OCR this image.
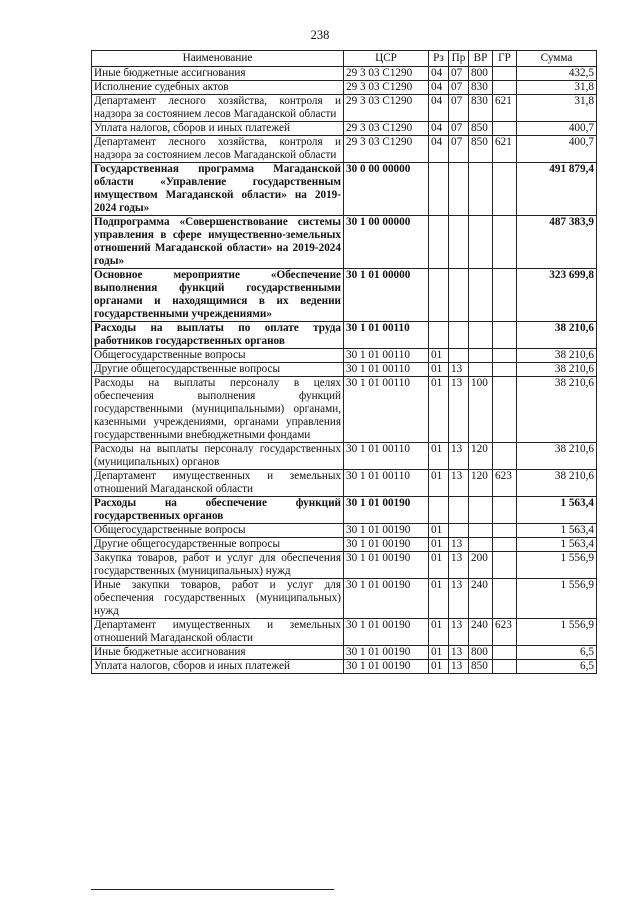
238
Наименование	ЦСР	Рз	Пр	ВР	ГР	Сумма
Иные бюджетные ассигнования	29 3 03 С1290	04	07	800		432,5
Исполнение судебных актов	29 3 03 С1290	04	07	830		31,8
Департамент лесного хозяйства, контроля и надзора за состоянием лесов Магаданской области	29 3 03 С1290	04	07	830	621	31,8
Уплата налогов, сборов и иных платежей	29 3 03 С1290	04	07	850		400,7
Департамент лесного хозяйства, контроля и надзора за состоянием лесов Магаданской области	29 3 03 С1290	04	07	850	621	400,7
Государственная программа Магаданской области «Управление государственным имуществом Магаданской области» на 2019-2024 годы»	30 0 00 00000					491 879,4
Подпрограмма «Совершенствование системы управления в сфере имущественно-земельных отношений Магаданской области» на 2019-2024 годы»	30 1 00 00000					487 383,9
Основное мероприятие «Обеспечение выполнения функций государственными органами и находящимися в их ведении государственными учреждениями»	30 1 01 00000					323 699,8
Расходы на выплаты по оплате труда работников государственных органов	30 1 01 00110					38 210,6
Общегосударственные вопросы	30 1 01 00110	01				38 210,6
Другие общегосударственные вопросы	30 1 01 00110	01	13			38 210,6
Расходы на выплаты персоналу в целях обеспечения выполнения функций государственными (муниципальными) органами, казенными учреждениями, органами управления государственными внебюджетными фондами	30 1 01 00110	01	13	100		38 210,6
Расходы на выплаты персоналу государственных (муниципальных) органов	30 1 01 00110	01	13	120		38 210,6
Департамент имущественных и земельных отношений Магаданской области	30 1 01 00110	01	13	120	623	38 210,6
Расходы на обеспечение функций государственных органов	30 1 01 00190					1 563,4
Общегосударственные вопросы	30 1 01 00190	01				1 563,4
Другие общегосударственные вопросы	30 1 01 00190	01	13			1 563,4
Закупка товаров, работ и услуг для обеспечения государственных (муниципальных) нужд	30 1 01 00190	01	13	200		1 556,9
Иные закупки товаров, работ и услуг для обеспечения государственных (муниципальных) нужд	30 1 01 00190	01	13	240		1 556,9
Департамент имущественных и земельных отношений Магаданской области	30 1 01 00190	01	13	240	623	1 556,9
Иные бюджетные ассигнования	30 1 01 00190	01	13	800		6,5
Уплата налогов, сборов и иных платежей	30 1 01 00190	01	13	850		6,5
